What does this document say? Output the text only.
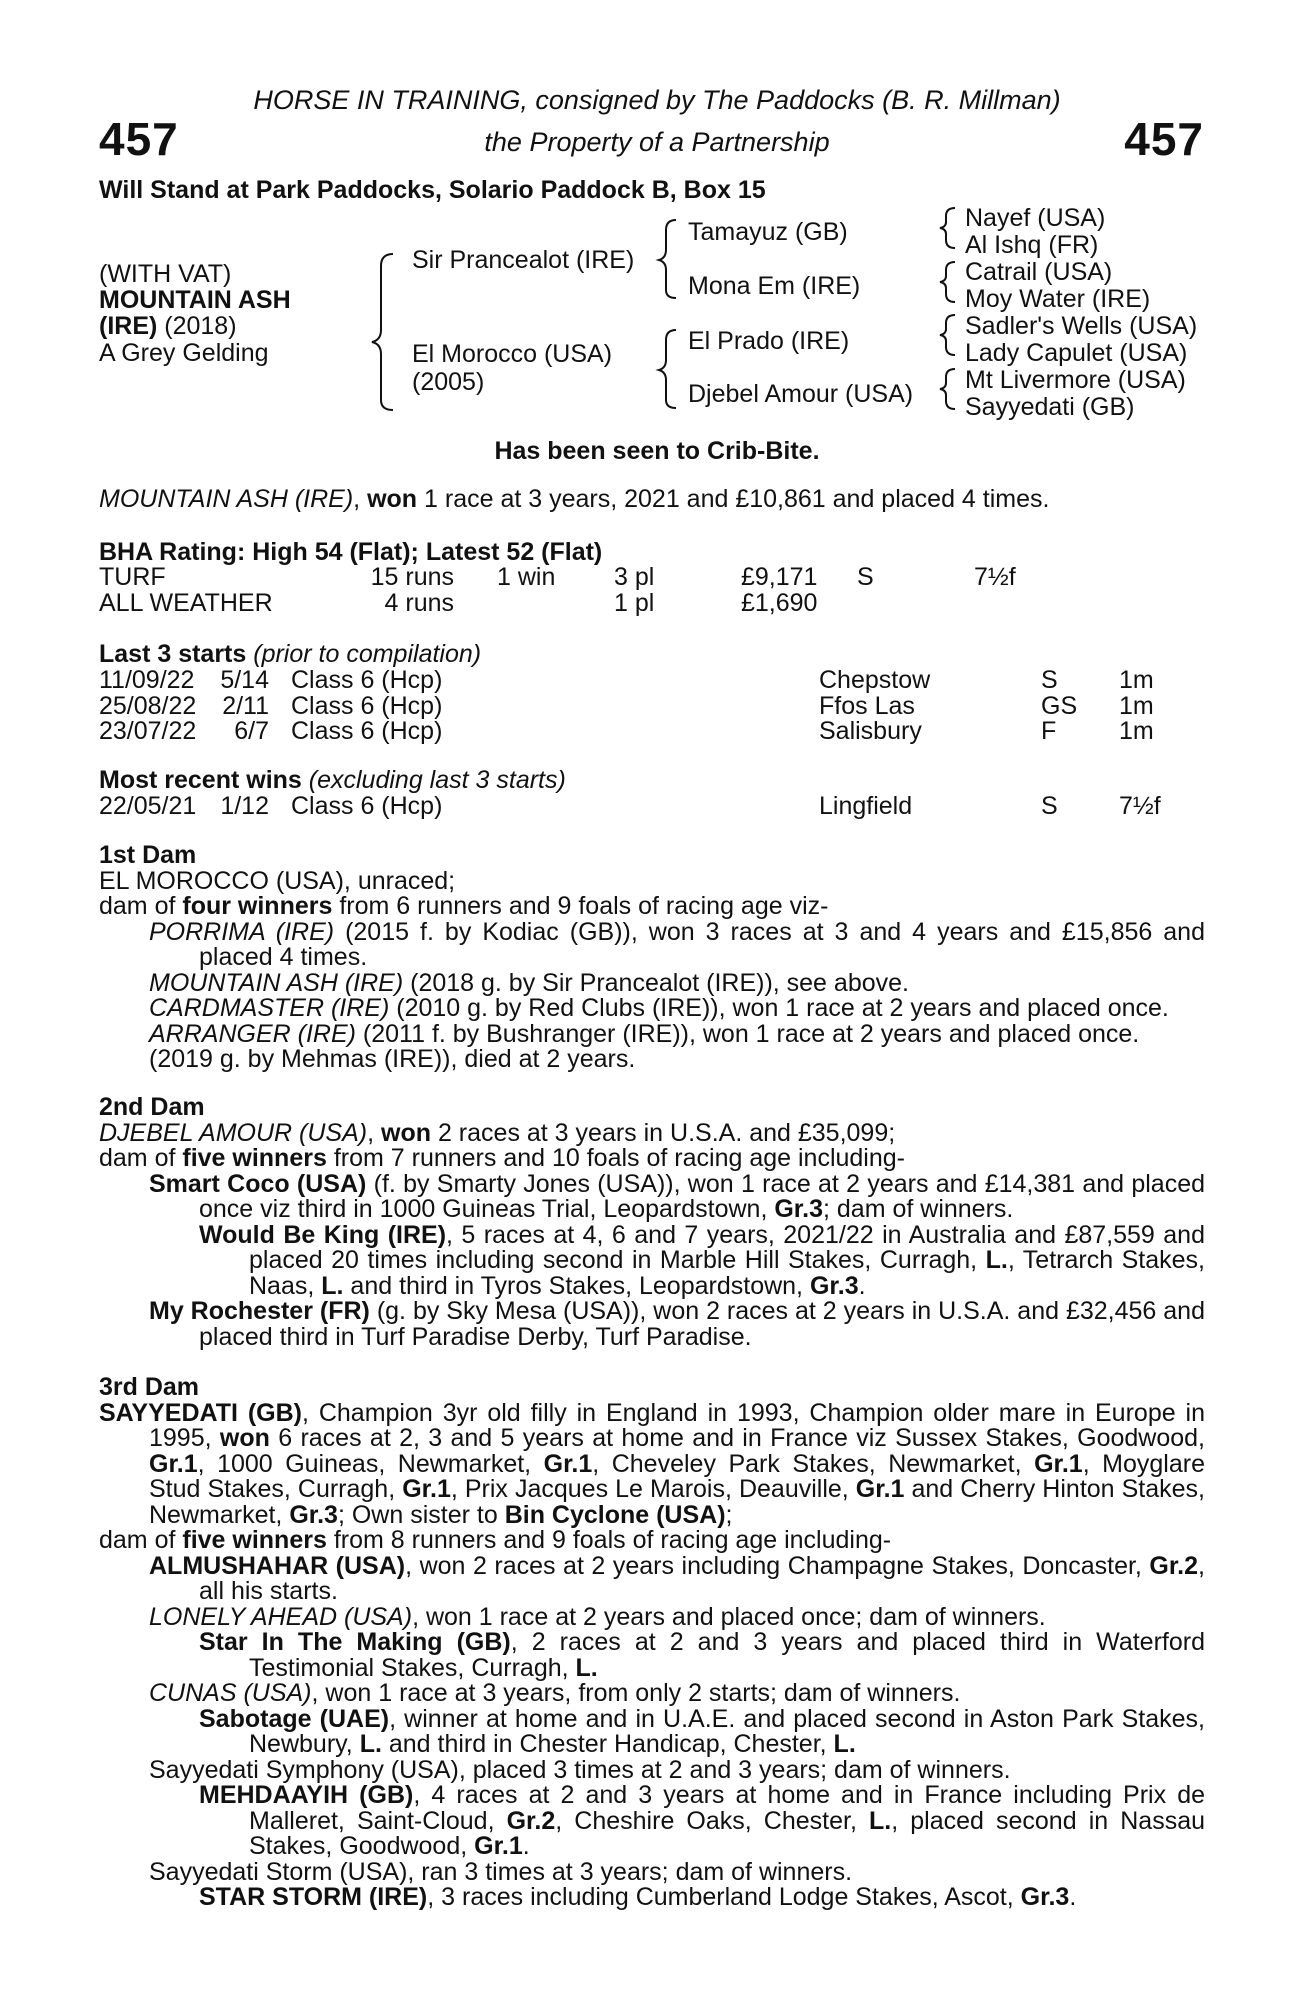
457	457
HORSE IN TRAINING, consigned by The Paddocks (B. R. Millman)
the Property of a Partnership
Will Stand at Park Paddocks, Solario Paddock B, Box 15
(WITH VAT)
MOUNTAIN ASH
(IRE) (2018)
A Grey Gelding
Sir Prancealot (IRE)
El Morocco (USA)
(2005)
Tamayuz (GB)
Mona Em (IRE)
El Prado (IRE)
Djebel Amour (USA)
Nayef (USA)
Al Ishq (FR)
Catrail (USA)
Moy Water (IRE)
Sadler's Wells (USA)
Lady Capulet (USA)
Mt Livermore (USA)
Sayyedati (GB)
Has been seen to Crib-Bite.
MOUNTAIN ASH (IRE), won 1 race at 3 years, 2021 and £10,861 and placed 4 times.
BHA Rating: High 54 (Flat); Latest 52 (Flat)
TURF	15 runs 1 win 3 pl	£9,171 S	7½f
ALL WEATHER	4 runs	1 pl	£1,690
Last 3 starts (prior to compilation)
11/09/22 5/14 Class 6 (Hcp)	Chepstow	S 1m
25/08/22 2/11 Class 6 (Hcp)	Ffos Las	GS 1m
23/07/22	6/7 Class 6 (Hcp)	Salisbury	F	1m
Most recent wins (excluding last 3 starts)
22/05/21 1/12 Class 6 (Hcp)	Lingfield	S 7½f

1st Dam

EL MOROCCO (USA), unraced;

dam of four winners from 6 runners and 9 foals of racing age viz-

PORRIMA (IRE) (2015 f. by Kodiac (GB)), won 3 races at 3 and 4 years and £15,856 and placed 4 times.

MOUNTAIN ASH (IRE) (2018 g. by Sir Prancealot (IRE)), see above.

CARDMASTER (IRE) (2010 g. by Red Clubs (IRE)), won 1 race at 2 years and placed once.

ARRANGER (IRE) (2011 f. by Bushranger (IRE)), won 1 race at 2 years and placed once.

(2019 g. by Mehmas (IRE)), died at 2 years.

2nd Dam

DJEBEL AMOUR (USA), won 2 races at 3 years in U.S.A. and £35,099;

dam of five winners from 7 runners and 10 foals of racing age including-

Smart Coco (USA) (f. by Smarty Jones (USA)), won 1 race at 2 years and £14,381 and placed once viz third in 1000 Guineas Trial, Leopardstown, Gr.3; dam of winners.

Would Be King (IRE), 5 races at 4, 6 and 7 years, 2021/22 in Australia and £87,559 and placed 20 times including second in Marble Hill Stakes, Curragh, L., Tetrarch Stakes, Naas, L. and third in Tyros Stakes, Leopardstown, Gr.3.

My Rochester (FR) (g. by Sky Mesa (USA)), won 2 races at 2 years in U.S.A. and £32,456 and placed third in Turf Paradise Derby, Turf Paradise.

3rd Dam

SAYYEDATI (GB), Champion 3yr old filly in England in 1993, Champion older mare in Europe in 1995, won 6 races at 2, 3 and 5 years at home and in France viz Sussex Stakes, Goodwood, Gr.1, 1000 Guineas, Newmarket, Gr.1, Cheveley Park Stakes, Newmarket, Gr.1, Moyglare Stud Stakes, Curragh, Gr.1, Prix Jacques Le Marois, Deauville, Gr.1 and Cherry Hinton Stakes, Newmarket, Gr.3; Own sister to Bin Cyclone (USA);

dam of five winners from 8 runners and 9 foals of racing age including-

ALMUSHAHAR (USA), won 2 races at 2 years including Champagne Stakes, Doncaster, Gr.2, all his starts.

LONELY AHEAD (USA), won 1 race at 2 years and placed once; dam of winners.

Star In The Making (GB), 2 races at 2 and 3 years and placed third in Waterford Testimonial Stakes, Curragh, L.

CUNAS (USA), won 1 race at 3 years, from only 2 starts; dam of winners.

Sabotage (UAE), winner at home and in U.A.E. and placed second in Aston Park Stakes, Newbury, L. and third in Chester Handicap, Chester, L.

Sayyedati Symphony (USA), placed 3 times at 2 and 3 years; dam of winners.

MEHDAAYIH (GB), 4 races at 2 and 3 years at home and in France including Prix de Malleret, Saint-Cloud, Gr.2, Cheshire Oaks, Chester, L., placed second in Nassau Stakes, Goodwood, Gr.1.

Sayyedati Storm (USA), ran 3 times at 3 years; dam of winners.

STAR STORM (IRE), 3 races including Cumberland Lodge Stakes, Ascot, Gr.3.
